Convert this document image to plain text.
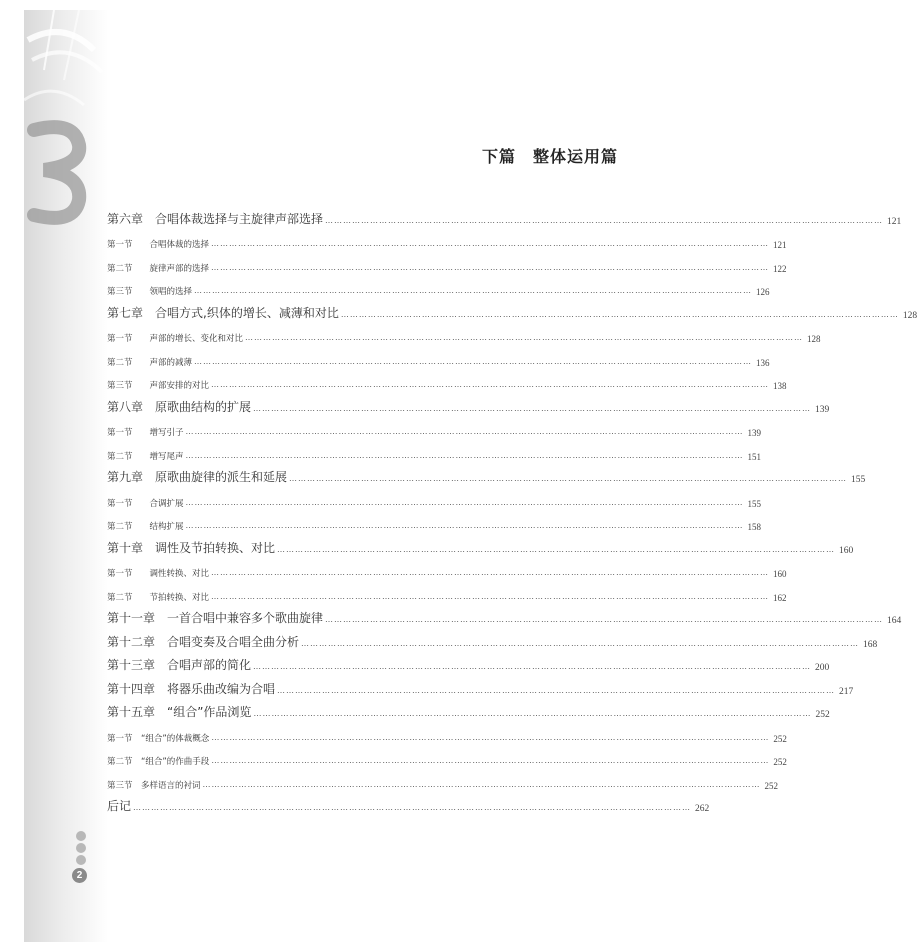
2
下篇　整体运用篇
第六章　合唱体裁选择与主旋律声部选择 …………………………………………………………………………………………………………………………………………………………………… 121
第一节　　合唱体裁的选择 …………………………………………………………………………………………………………………………………………………………………… 121
第二节　　旋律声部的选择 …………………………………………………………………………………………………………………………………………………………………… 122
第三节　　领唱的选择 …………………………………………………………………………………………………………………………………………………………………… 126
第七章　合唱方式,织体的增长、减薄和对比 …………………………………………………………………………………………………………………………………………………………………… 128
第一节　　声部的增长、变化和对比 …………………………………………………………………………………………………………………………………………………………………… 128
第二节　　声部的减薄 …………………………………………………………………………………………………………………………………………………………………… 136
第三节　　声部安排的对比 …………………………………………………………………………………………………………………………………………………………………… 138
第八章　原歌曲结构的扩展 …………………………………………………………………………………………………………………………………………………………………… 139
第一节　　增写引子 …………………………………………………………………………………………………………………………………………………………………… 139
第二节　　增写尾声 …………………………………………………………………………………………………………………………………………………………………… 151
第九章　原歌曲旋律的派生和延展 …………………………………………………………………………………………………………………………………………………………………… 155
第一节　　合调扩展 …………………………………………………………………………………………………………………………………………………………………… 155
第二节　　结构扩展 …………………………………………………………………………………………………………………………………………………………………… 158
第十章　调性及节拍转换、对比 …………………………………………………………………………………………………………………………………………………………………… 160
第一节　　调性转换、对比 …………………………………………………………………………………………………………………………………………………………………… 160
第二节　　节拍转换、对比 …………………………………………………………………………………………………………………………………………………………………… 162
第十一章　一首合唱中兼容多个歌曲旋律 …………………………………………………………………………………………………………………………………………………………………… 164
第十二章　合唱变奏及合唱全曲分析 …………………………………………………………………………………………………………………………………………………………………… 168
第十三章　合唱声部的简化 …………………………………………………………………………………………………………………………………………………………………… 200
第十四章　将器乐曲改编为合唱 …………………………………………………………………………………………………………………………………………………………………… 217
第十五章　“组合”作品浏览 …………………………………………………………………………………………………………………………………………………………………… 252
第一节　“组合”的体裁概念 …………………………………………………………………………………………………………………………………………………………………… 252
第二节　“组合”的作曲手段 …………………………………………………………………………………………………………………………………………………………………… 252
第三节　多样语言的衬词 …………………………………………………………………………………………………………………………………………………………………… 252
后记 …………………………………………………………………………………………………………………………………………………………………… 262
